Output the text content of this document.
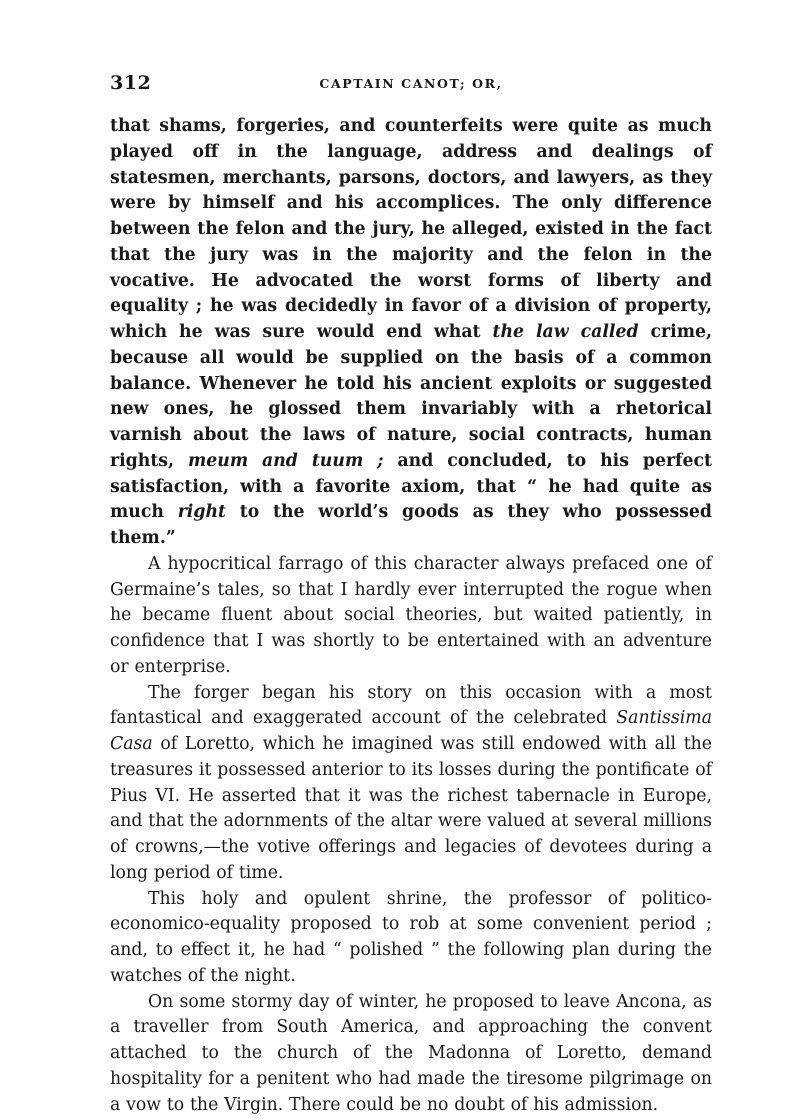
312	CAPTAIN CANOT; OR,

that shams, forgeries, and counterfeits were quite as much played off in the language, address and dealings of statesmen, merchants, parsons, doctors, and lawyers, as they were by himself and his accomplices. The only difference between the felon and the jury, he alleged, existed in the fact that the jury was in the majority and the felon in the vocative. He advocated the worst forms of liberty and equality ; he was decidedly in favor of a division of property, which he was sure would end what the law called crime, because all would be supplied on the basis of a common balance. Whenever he told his ancient exploits or suggested new ones, he glossed them invariably with a rhetorical varnish about the laws of nature, social contracts, human rights, meum and tuum ; and concluded, to his perfect satisfaction, with a favorite axiom, that “ he had quite as much right to the world’s goods as they who possessed them.”

A hypocritical farrago of this character always prefaced one of Germaine’s tales, so that I hardly ever interrupted the rogue when he became fluent about social theories, but waited patiently, in confidence that I was shortly to be entertained with an adventure or enterprise.

The forger began his story on this occasion with a most fantastical and exaggerated account of the celebrated Santissima Casa of Loretto, which he imagined was still endowed with all the treasures it possessed anterior to its losses during the pontificate of Pius VI. He asserted that it was the richest tabernacle in Europe, and that the adornments of the altar were valued at several millions of crowns,—the votive offerings and legacies of devotees during a long period of time.

This holy and opulent shrine, the professor of politico-economico-equality proposed to rob at some convenient period ; and, to effect it, he had “ polished ” the following plan during the watches of the night.

On some stormy day of winter, he proposed to leave Ancona, as a traveller from South America, and approaching the convent attached to the church of the Madonna of Loretto, demand hospitality for a penitent who had made the tiresome pilgrimage on a vow to the Virgin. There could be no doubt of his admission.
